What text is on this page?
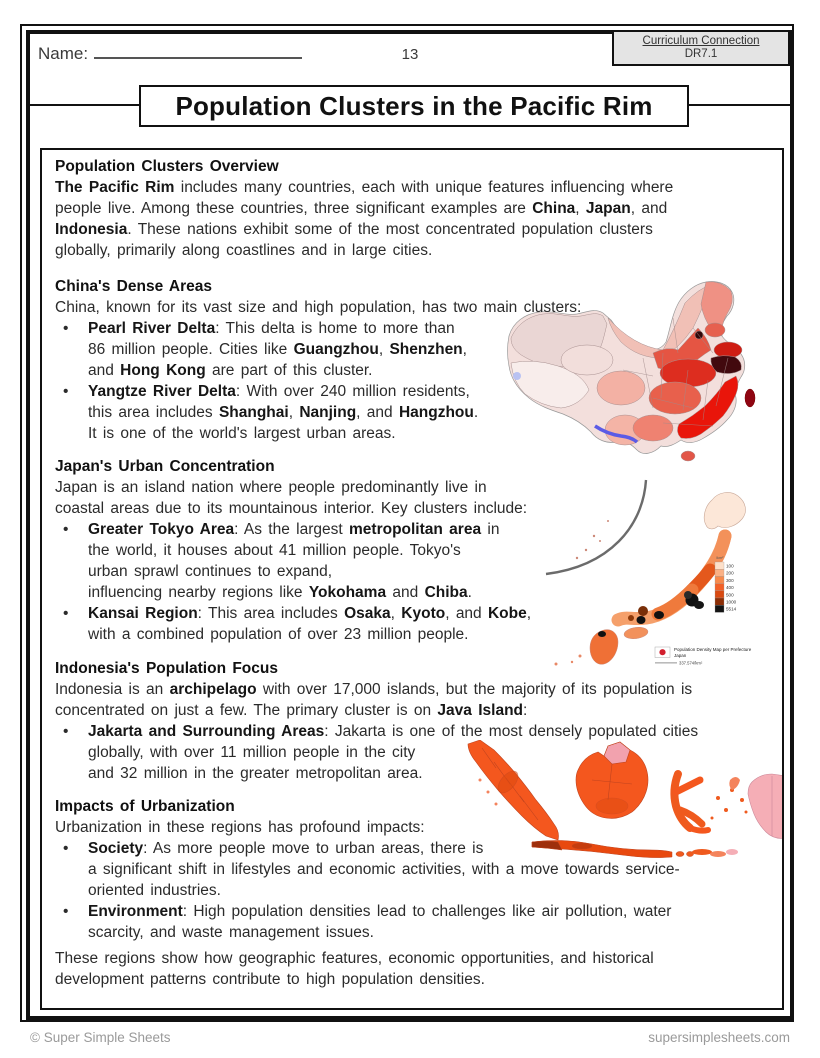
Name:	13
Curriculum Connection
DR7.1
Population Clusters in the Pacific Rim
/km²
100
200
300
400
500
1000
5514
Population Density Map per Prefecture
Japan
337.574/km²
Population Clusters Overview
The Pacific Rim includes many countries, each with unique features influencing where
people live. Among these countries, three significant examples are China, Japan, and
Indonesia. These nations exhibit some of the most concentrated population clusters
globally, primarily along coastlines and in large cities.
China's Dense Areas
China, known for its vast size and high population, has two main clusters:
•	Pearl River Delta: This delta is home to more than
86 million people. Cities like Guangzhou, Shenzhen,
and Hong Kong are part of this cluster.
•	Yangtze River Delta: With over 240 million residents,
this area includes Shanghai, Nanjing, and Hangzhou.
It is one of the world's largest urban areas.
Japan's Urban Concentration
Japan is an island nation where people predominantly live in
coastal areas due to its mountainous interior. Key clusters include:
•	Greater Tokyo Area: As the largest metropolitan area in
the world, it houses about 41 million people. Tokyo's
urban sprawl continues to expand,
influencing nearby regions like Yokohama and Chiba.
•	Kansai Region: This area includes Osaka, Kyoto, and Kobe,
with a combined population of over 23 million people.
Indonesia's Population Focus
Indonesia is an archipelago with over 17,000 islands, but the majority of its population is
concentrated on just a few. The primary cluster is on Java Island:
•	Jakarta and Surrounding Areas: Jakarta is one of the most densely populated cities
globally, with over 11 million people in the city
and 32 million in the greater metropolitan area.
Impacts of Urbanization
Urbanization in these regions has profound impacts:
•	Society: As more people move to urban areas, there is
a significant shift in lifestyles and economic activities, with a move towards service-
oriented industries.
•	Environment: High population densities lead to challenges like air pollution, water
scarcity, and waste management issues.
These regions show how geographic features, economic opportunities, and historical
development patterns contribute to high population densities.
© Super Simple Sheets	supersimplesheets.com
